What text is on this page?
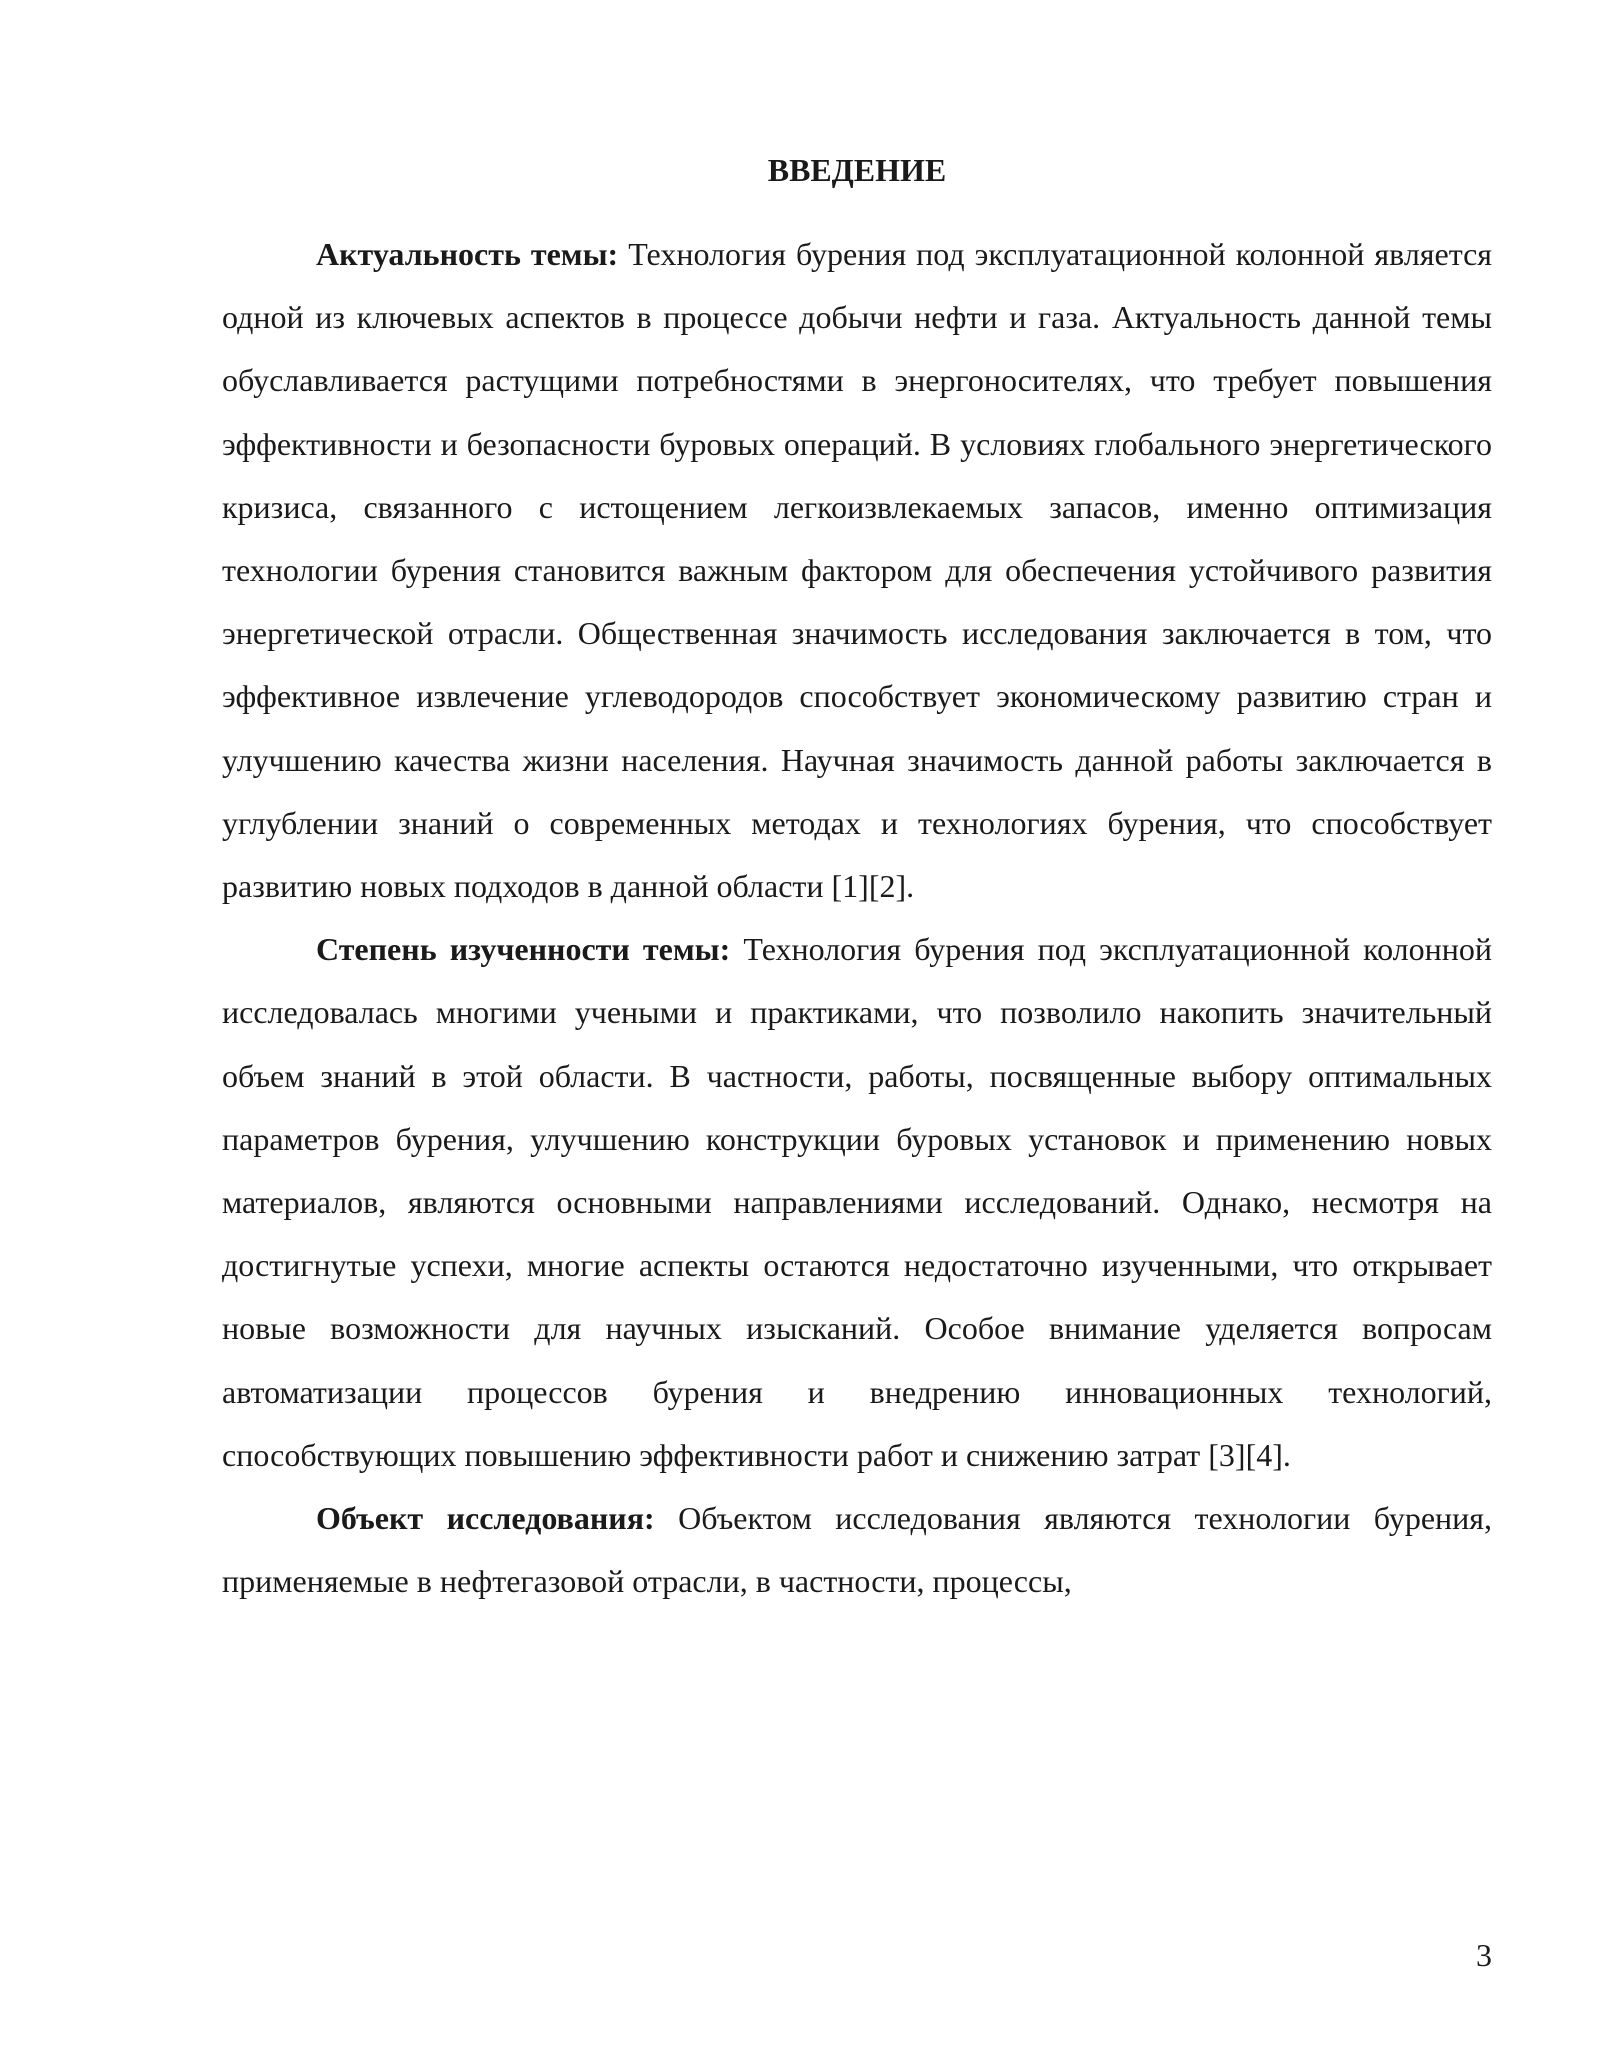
ВВЕДЕНИЕ

Актуальность темы: Технология бурения под эксплуатационной колонной является одной из ключевых аспектов в процессе добычи нефти и газа. Актуальность данной темы обуславливается растущими потребностями в энергоносителях, что требует повышения эффективности и безопасности буровых операций. В условиях глобального энергетического кризиса, связанного с истощением легкоизвлекаемых запасов, именно оптимизация технологии бурения становится важным фактором для обеспечения устойчивого развития энергетической отрасли. Общественная значимость исследования заключается в том, что эффективное извлечение углеводородов способствует экономическому развитию стран и улучшению качества жизни населения. Научная значимость данной работы заключается в углублении знаний о современных методах и технологиях бурения, что способствует развитию новых подходов в данной области [1][2].

Степень изученности темы: Технология бурения под эксплуатационной колонной исследовалась многими учеными и практиками, что позволило накопить значительный объем знаний в этой области. В частности, работы, посвященные выбору оптимальных параметров бурения, улучшению конструкции буровых установок и применению новых материалов, являются основными направлениями исследований. Однако, несмотря на достигнутые успехи, многие аспекты остаются недостаточно изученными, что открывает новые возможности для научных изысканий. Особое внимание уделяется вопросам автоматизации процессов бурения и внедрению инновационных технологий, способствующих повышению эффективности работ и снижению затрат [3][4].

Объект исследования: Объектом исследования являются технологии бурения, применяемые в нефтегазовой отрасли, в частности, процессы,

3
